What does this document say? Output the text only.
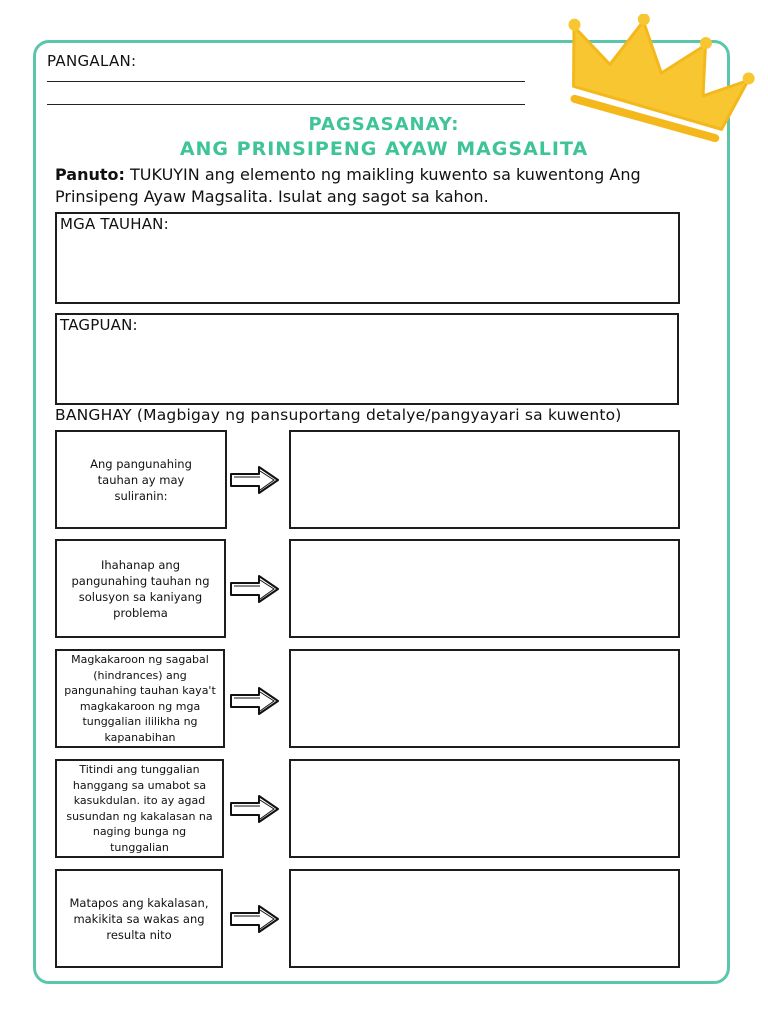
PANGALAN:
PAGSASANAY:
ANG PRINSIPENG AYAW MAGSALITA
Panuto: TUKUYIN ang elemento ng maikling kuwento sa kuwentong Ang Prinsipeng Ayaw Magsalita. Isulat ang sagot sa kahon.
MGA TAUHAN:
TAGPUAN:
BANGHAY (Magbigay ng pansuportang detalye/pangyayari sa kuwento)
Ang pangunahing tauhan ay may suliranin:
Ihahanap ang pangunahing tauhan ng solusyon sa kaniyang problema
Magkakaroon ng sagabal (hindrances) ang pangunahing tauhan kaya't magkakaroon ng mga tunggalian ililikha ng kapanabihan
Titindi ang tunggalian hanggang sa umabot sa kasukdulan. ito ay agad susundan ng kakalasan na naging bunga ng tunggalian
Matapos ang kakalasan, makikita sa wakas ang resulta nito
